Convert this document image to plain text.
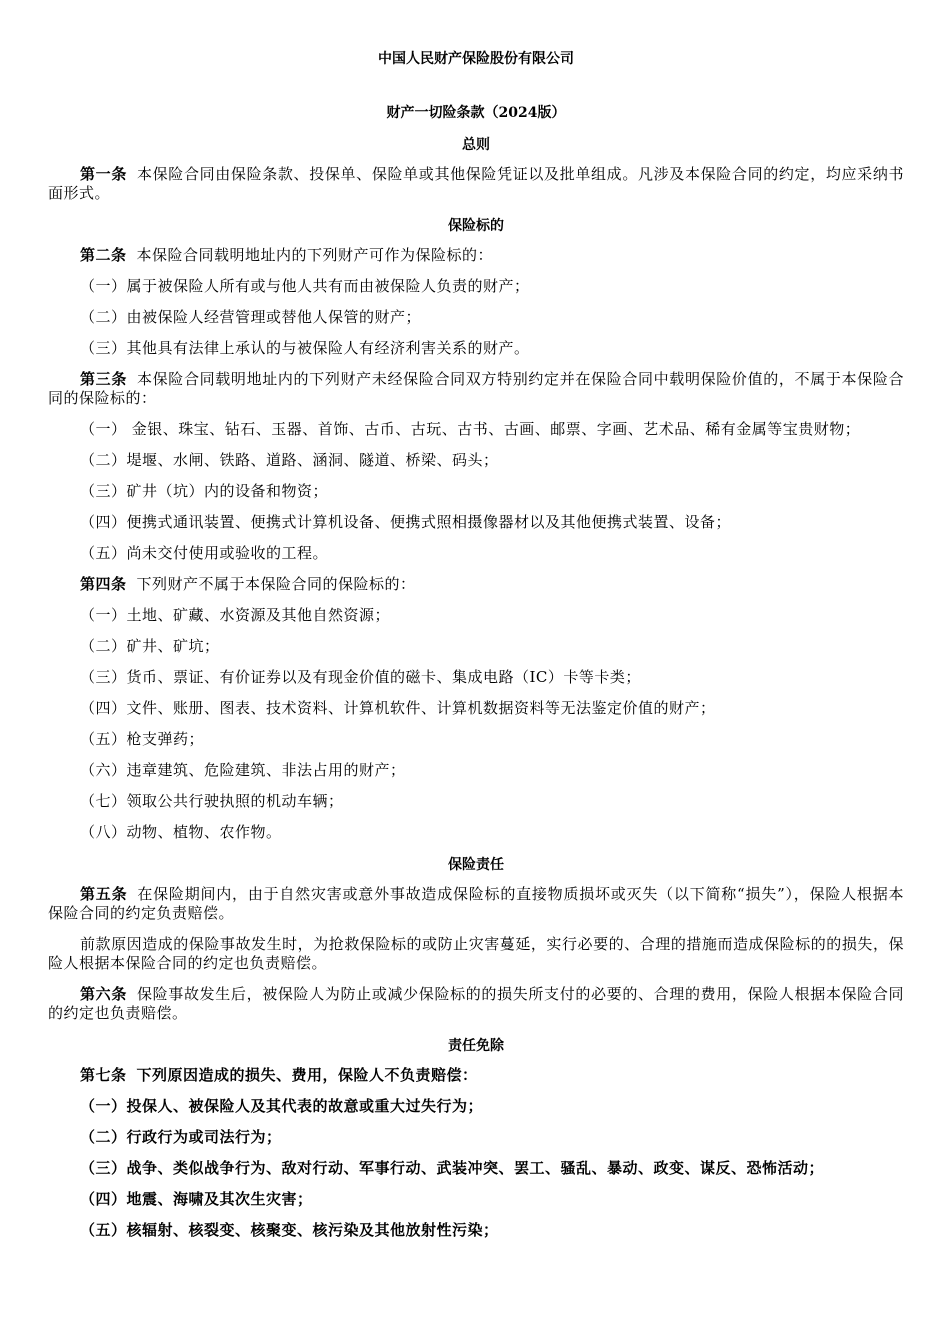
中国人民财产保险股份有限公司
财产一切险条款（2024版）
总则

第一条 本保险合同由保险条款、投保单、保险单或其他保险凭证以及批单组成。凡涉及本保险合同的约定，均应采纳书面形式。

保险标的

第二条 本保险合同载明地址内的下列财产可作为保险标的：

（一）属于被保险人所有或与他人共有而由被保险人负责的财产；

（二）由被保险人经营管理或替他人保管的财产；

（三）其他具有法律上承认的与被保险人有经济利害关系的财产。

第三条 本保险合同载明地址内的下列财产未经保险合同双方特别约定并在保险合同中载明保险价值的，不属于本保险合同的保险标的：

（一） 金银、珠宝、钻石、玉器、首饰、古币、古玩、古书、古画、邮票、字画、艺术品、稀有金属等宝贵财物；

（二）堤堰、水闸、铁路、道路、涵洞、隧道、桥梁、码头；

（三）矿井（坑）内的设备和物资；

（四）便携式通讯装置、便携式计算机设备、便携式照相摄像器材以及其他便携式装置、设备；

（五）尚未交付使用或验收的工程。

第四条 下列财产不属于本保险合同的保险标的：

（一）土地、矿藏、水资源及其他自然资源；

（二）矿井、矿坑；

（三）货币、票证、有价证券以及有现金价值的磁卡、集成电路（IC）卡等卡类；

（四）文件、账册、图表、技术资料、计算机软件、计算机数据资料等无法鉴定价值的财产；

（五）枪支弹药；

（六）违章建筑、危险建筑、非法占用的财产；

（七）领取公共行驶执照的机动车辆；

（八）动物、植物、农作物。

保险责任

第五条 在保险期间内，由于自然灾害或意外事故造成保险标的直接物质损坏或灭失（以下简称“损失”），保险人根据本保险合同的约定负责赔偿。

前款原因造成的保险事故发生时，为抢救保险标的或防止灾害蔓延，实行必要的、合理的措施而造成保险标的的损失，保险人根据本保险合同的约定也负责赔偿。

第六条 保险事故发生后，被保险人为防止或减少保险标的的损失所支付的必要的、合理的费用，保险人根据本保险合同的约定也负责赔偿。

责任免除

第七条 下列原因造成的损失、费用，保险人不负责赔偿：

（一）投保人、被保险人及其代表的故意或重大过失行为；

（二）行政行为或司法行为；

（三）战争、类似战争行为、敌对行动、军事行动、武装冲突、罢工、骚乱、暴动、政变、谋反、恐怖活动；

（四）地震、海啸及其次生灾害；

（五）核辐射、核裂变、核聚变、核污染及其他放射性污染；
